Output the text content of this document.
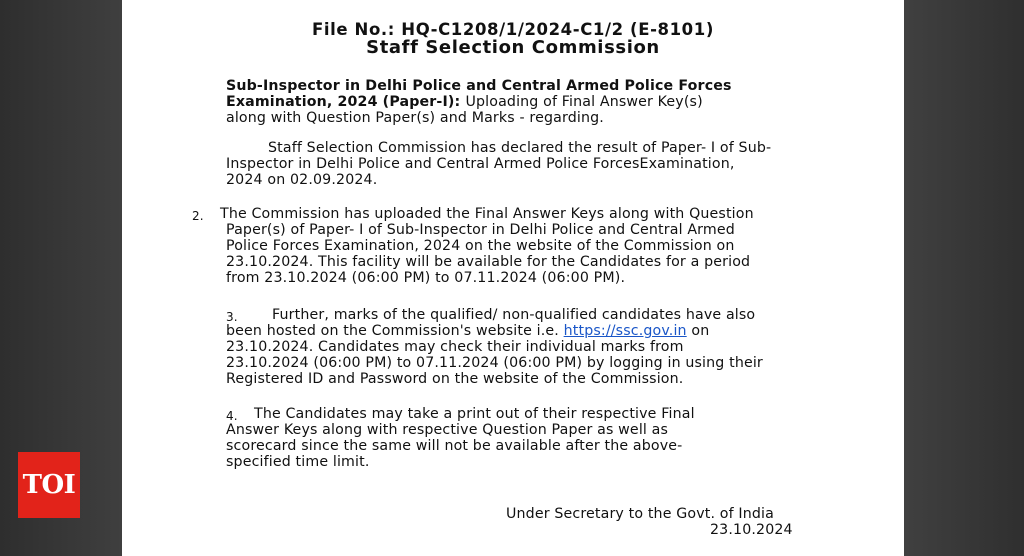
File No.: HQ-C1208/1/2024-C1/2 (E-8101)
Staff Selection Commission
Sub-Inspector in Delhi Police and Central Armed Police Forces
Examination, 2024 (Paper-I): Uploading of Final Answer Key(s)
along with Question Paper(s) and Marks - regarding.
Staff Selection Commission has declared the result of Paper- I of Sub-
Inspector in Delhi Police and Central Armed Police ForcesExamination,
2024 on 02.09.2024.
2. The Commission has uploaded the Final Answer Keys along with Question
Paper(s) of Paper- I of Sub-Inspector in Delhi Police and Central Armed
Police Forces Examination, 2024 on the website of the Commission on
23.10.2024. This facility will be available for the Candidates for a period
from 23.10.2024 (06:00 PM) to 07.11.2024 (06:00 PM).
3. Further, marks of the qualified/ non-qualified candidates have also
been hosted on the Commission's website i.e. https://ssc.gov.in on
23.10.2024. Candidates may check their individual marks from
23.10.2024 (06:00 PM) to 07.11.2024 (06:00 PM) by logging in using their
Registered ID and Password on the website of the Commission.
4. The Candidates may take a print out of their respective Final
Answer Keys along with respective Question Paper as well as
scorecard since the same will not be available after the above-
specified time limit.
Under Secretary to the Govt. of India
23.10.2024
TOI
